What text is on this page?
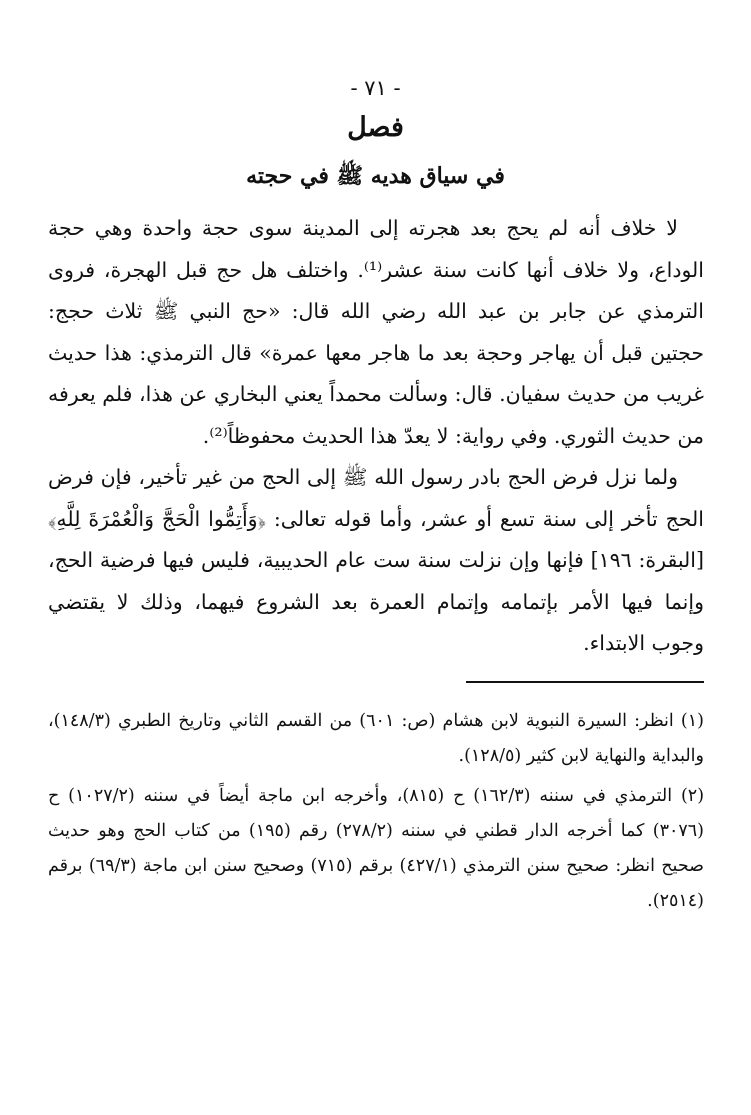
- ٧١ -
فصل
في سياق هديه ﷺ في حجته

لا خلاف أنه لم يحج بعد هجرته إلى المدينة سوى حجة واحدة وهي حجة الوداع، ولا خلاف أنها كانت سنة عشر⁽¹⁾. واختلف هل حج قبل الهجرة، فروى الترمذي عن جابر بن عبد الله رضي الله قال: «حج النبي ﷺ ثلاث حجج: حجتين قبل أن يهاجر وحجة بعد ما هاجر معها عمرة» قال الترمذي: هذا حديث غريب من حديث سفيان. قال: وسألت محمداً يعني البخاري عن هذا، فلم يعرفه من حديث الثوري. وفي رواية: لا يعدّ هذا الحديث محفوظاً⁽²⁾.

ولما نزل فرض الحج بادر رسول الله ﷺ إلى الحج من غير تأخير، فإن فرض الحج تأخر إلى سنة تسع أو عشر، وأما قوله تعالى: ﴿وَأَتِمُّوا الْحَجَّ وَالْعُمْرَةَ لِلَّهِ﴾ [البقرة: ١٩٦] فإنها وإن نزلت سنة ست عام الحديبية، فليس فيها فرضية الحج، وإنما فيها الأمر بإتمامه وإتمام العمرة بعد الشروع فيهما، وذلك لا يقتضي وجوب الابتداء.

(١) انظر: السيرة النبوية لابن هشام (ص: ٦٠١) من القسم الثاني وتاريخ الطبري (١٤٨/٣)، والبداية والنهاية لابن كثير (١٢٨/٥).

(٢) الترمذي في سننه (١٦٢/٣) ح (٨١٥)، وأخرجه ابن ماجة أيضاً في سننه (١٠٢٧/٢) ح (٣٠٧٦) كما أخرجه الدار قطني في سننه (٢٧٨/٢) رقم (١٩٥) من كتاب الحج وهو حديث صحيح انظر: صحيح سنن الترمذي (٤٢٧/١) برقم (٧١٥) وصحيح سنن ابن ماجة (٦٩/٣) برقم (٢٥١٤).
